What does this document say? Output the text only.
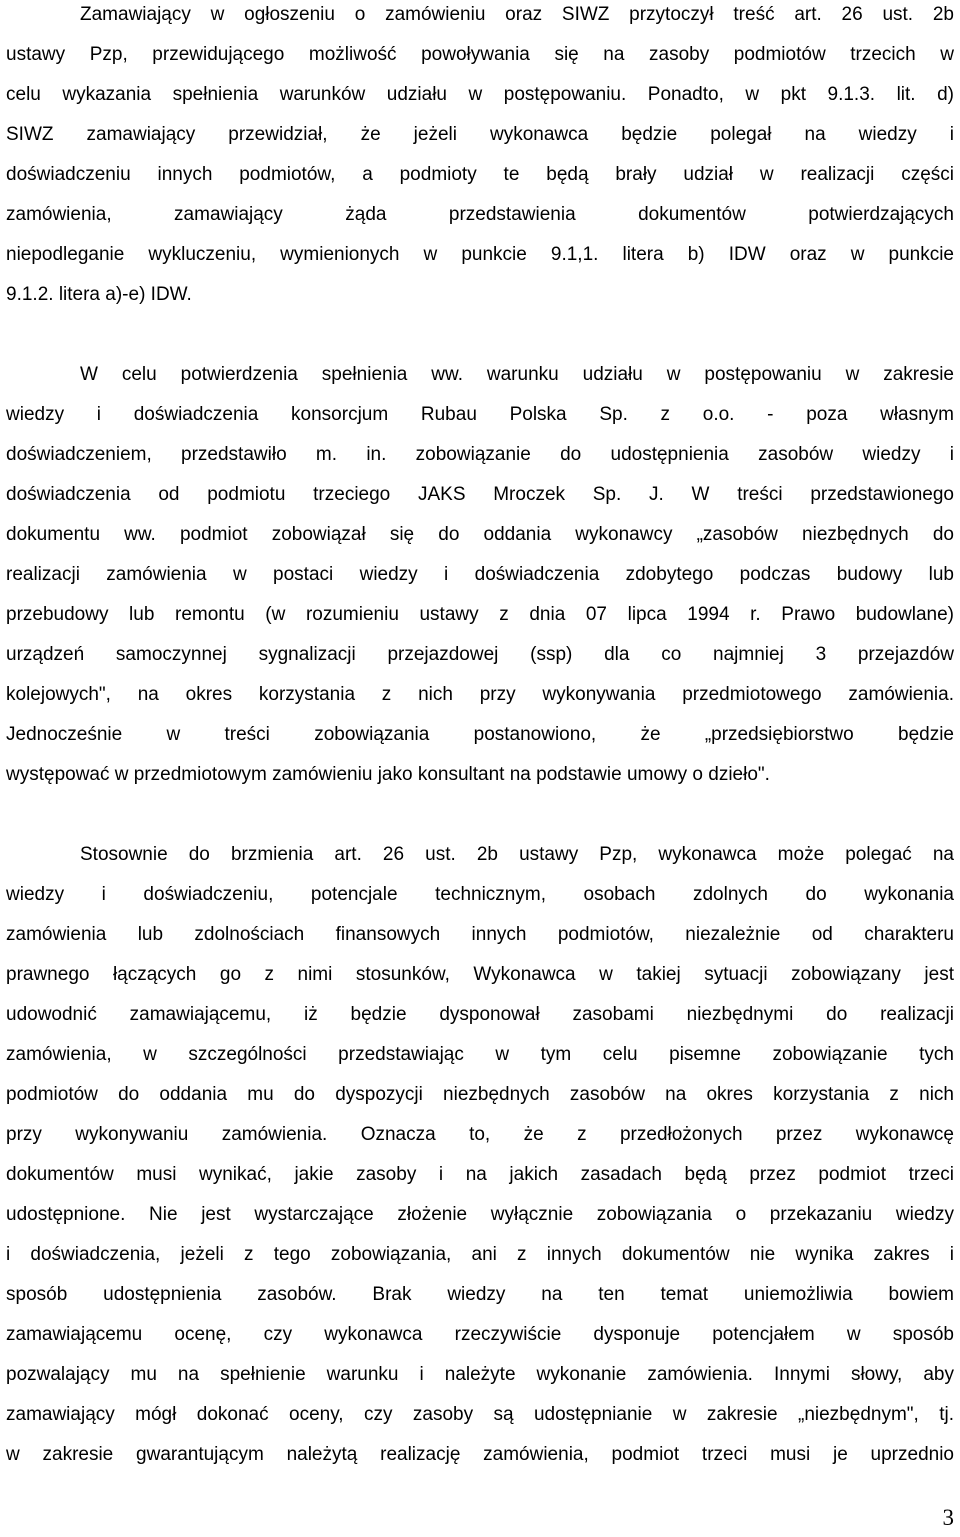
Zamawiający w ogłoszeniu o zamówieniu oraz SIWZ przytoczył treść art. 26 ust. 2b
ustawy Pzp, przewidującego możliwość powoływania się na zasoby podmiotów trzecich w
celu wykazania spełnienia warunków udziału w postępowaniu. Ponadto, w pkt 9.1.3. lit. d)
SIWZ zamawiający przewidział, że jeżeli wykonawca będzie polegał na wiedzy i
doświadczeniu innych podmiotów, a podmioty te będą brały udział w realizacji części
zamówienia, zamawiający żąda przedstawienia dokumentów potwierdzających
niepodleganie wykluczeniu, wymienionych w punkcie 9.1,1. litera b) IDW oraz w punkcie
9.1.2. litera a)-e) IDW.
W celu potwierdzenia spełnienia ww. warunku udziału w postępowaniu w zakresie
wiedzy i doświadczenia konsorcjum Rubau Polska Sp. z o.o. - poza własnym
doświadczeniem, przedstawiło m. in. zobowiązanie do udostępnienia zasobów wiedzy i
doświadczenia od podmiotu trzeciego JAKS Mroczek Sp. J. W treści przedstawionego
dokumentu ww. podmiot zobowiązał się do oddania wykonawcy „zasobów niezbędnych do
realizacji zamówienia w postaci wiedzy i doświadczenia zdobytego podczas budowy lub
przebudowy lub remontu (w rozumieniu ustawy z dnia 07 lipca 1994 r. Prawo budowlane)
urządzeń samoczynnej sygnalizacji przejazdowej (ssp) dla co najmniej 3 przejazdów
kolejowych", na okres korzystania z nich przy wykonywania przedmiotowego zamówienia.
Jednocześnie w treści zobowiązania postanowiono, że „przedsiębiorstwo będzie
występować w przedmiotowym zamówieniu jako konsultant na podstawie umowy o dzieło".
Stosownie do brzmienia art. 26 ust. 2b ustawy Pzp, wykonawca może polegać na
wiedzy i doświadczeniu, potencjale technicznym, osobach zdolnych do wykonania
zamówienia lub zdolnościach finansowych innych podmiotów, niezależnie od charakteru
prawnego łączących go z nimi stosunków, Wykonawca w takiej sytuacji zobowiązany jest
udowodnić zamawiającemu, iż będzie dysponował zasobami niezbędnymi do realizacji
zamówienia, w szczególności przedstawiając w tym celu pisemne zobowiązanie tych
podmiotów do oddania mu do dyspozycji niezbędnych zasobów na okres korzystania z nich
przy wykonywaniu zamówienia. Oznacza to, że z przedłożonych przez wykonawcę
dokumentów musi wynikać, jakie zasoby i na jakich zasadach będą przez podmiot trzeci
udostępnione. Nie jest wystarczające złożenie wyłącznie zobowiązania o przekazaniu wiedzy
i doświadczenia, jeżeli z tego zobowiązania, ani z innych dokumentów nie wynika zakres i
sposób udostępnienia zasobów. Brak wiedzy na ten temat uniemożliwia bowiem
zamawiającemu ocenę, czy wykonawca rzeczywiście dysponuje potencjałem w sposób
pozwalający mu na spełnienie warunku i należyte wykonanie zamówienia. Innymi słowy, aby
zamawiający mógł dokonać oceny, czy zasoby są udostępnianie w zakresie „niezbędnym", tj.
w zakresie gwarantującym należytą realizację zamówienia, podmiot trzeci musi je uprzednio
3
